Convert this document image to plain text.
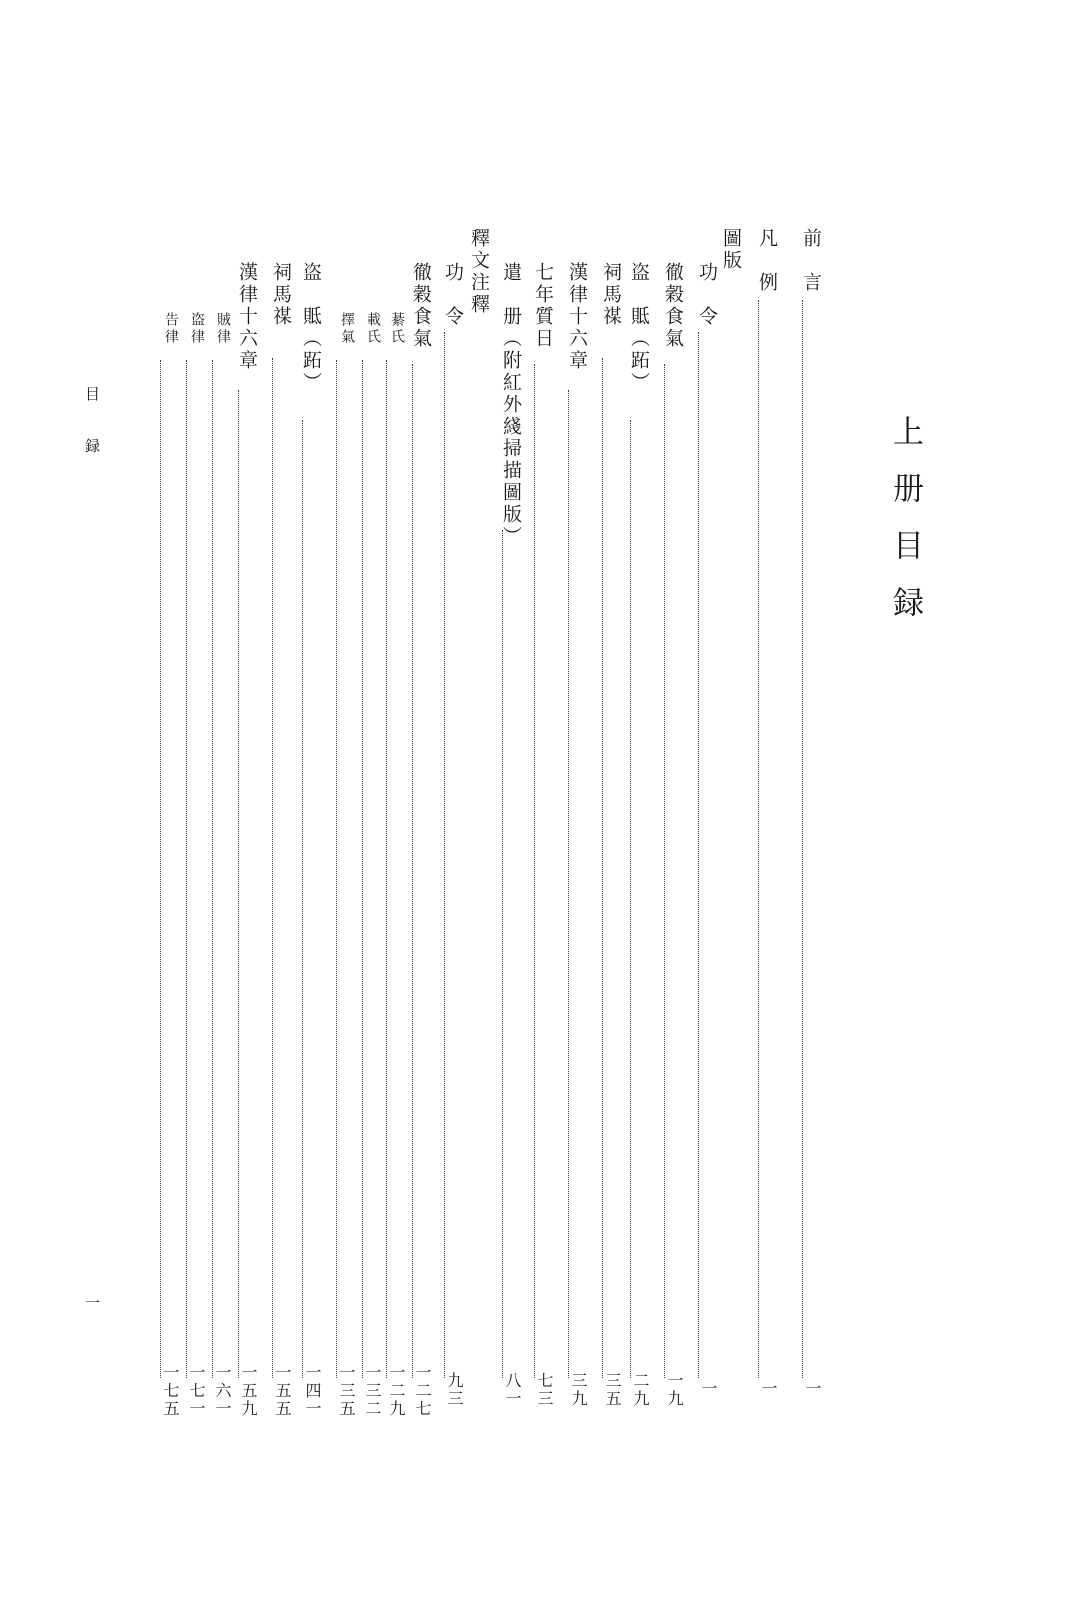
上册目録
目　録
一
前　言
一
凡　例
一
圖版
功　令
一
徹穀食氣
一九
盗　貾（跖）
二九
祠馬禖
三五
漢律十六章
三九
七年質日
七三
遣　册（附紅外綫掃描圖版）
八一
釋文注釋
功　令
九三
徹穀食氣
一二七
綦氏
一二九
載氏
一三二
擇氣
一三五
盗　貾（跖）
一四一
祠馬禖
一五五
漢律十六章
一五九
賊律
一六一
盗律
一七一
告律
一七五
